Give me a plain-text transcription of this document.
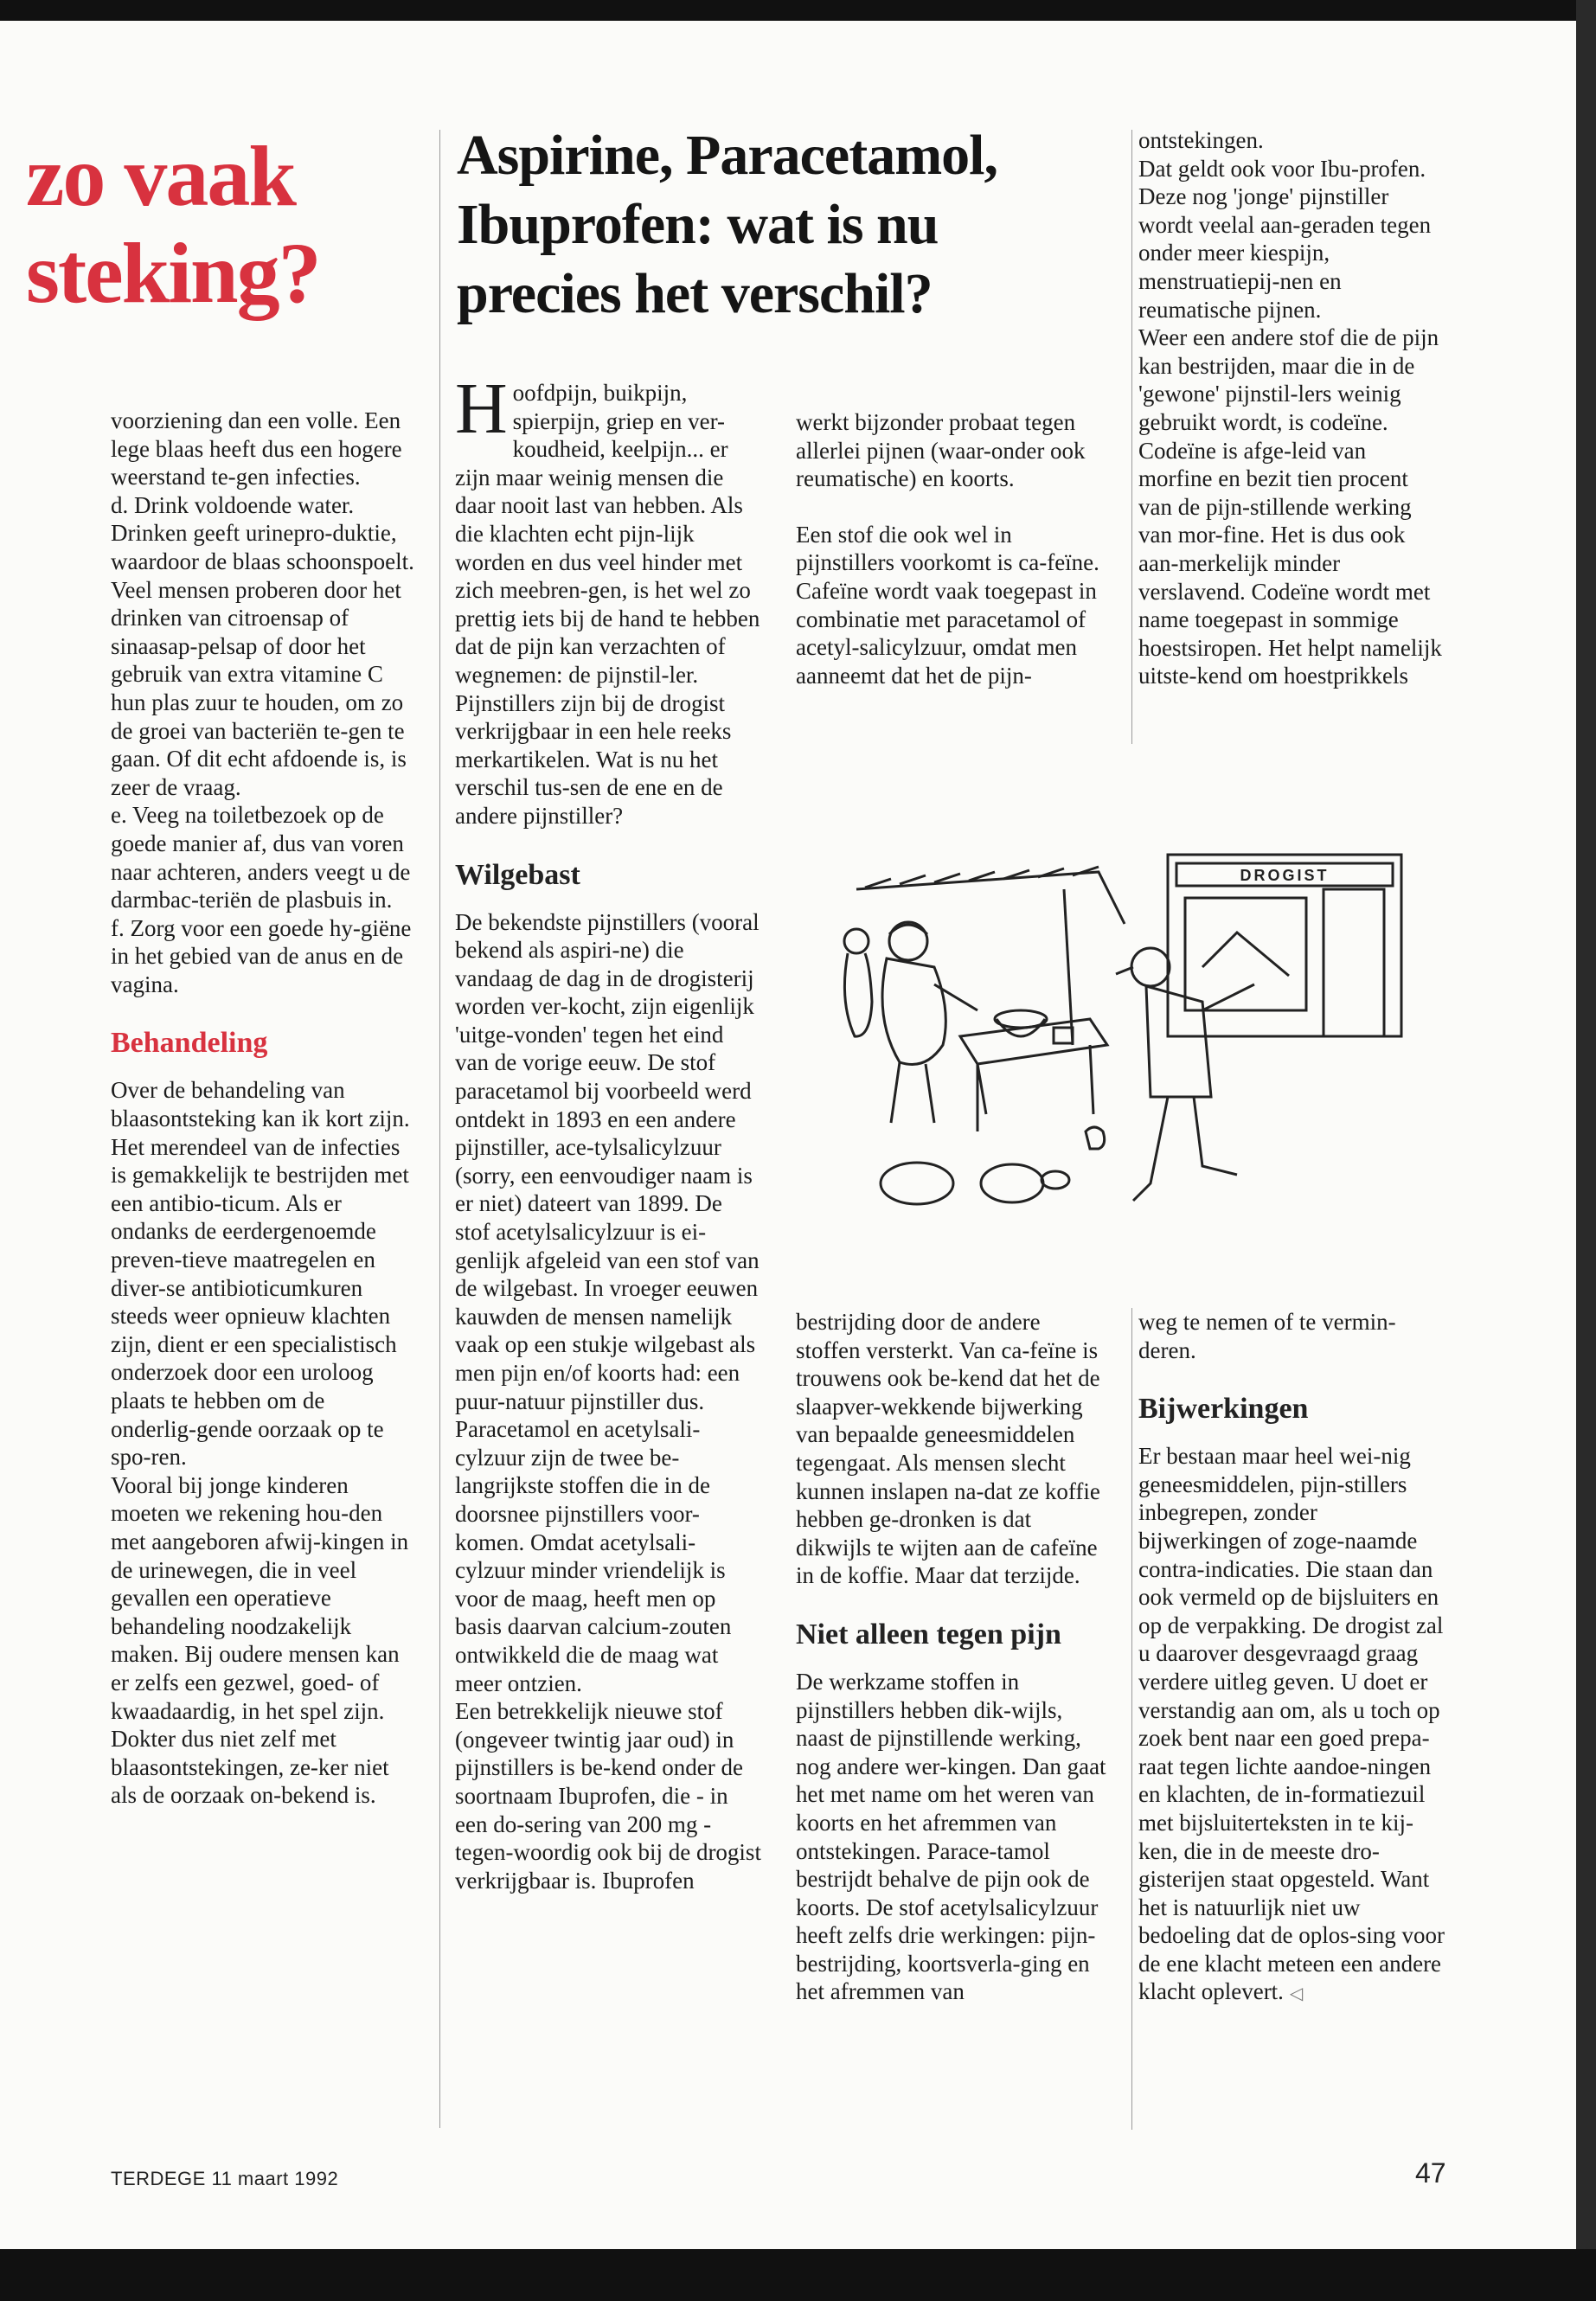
zo vaak
steking?
Aspirine, Paracetamol,
Ibuprofen: wat is nu
precies het verschil?

voorziening dan een volle. Een lege blaas heeft dus een hogere weerstand te-gen infecties.

d. Drink voldoende water. Drinken geeft urinepro-duktie, waardoor de blaas schoonspoelt. Veel mensen proberen door het drinken van citroensap of sinaasap-pelsap of door het gebruik van extra vitamine C hun plas zuur te houden, om zo de groei van bacteriën te-gen te gaan. Of dit echt afdoende is, is zeer de vraag.

e. Veeg na toiletbezoek op de goede manier af, dus van voren naar achteren, anders veegt u de darmbac-teriën de plasbuis in.

f. Zorg voor een goede hy-giëne in het gebied van de anus en de vagina.

Behandeling

Over de behandeling van blaasontsteking kan ik kort zijn. Het merendeel van de infecties is gemakkelijk te bestrijden met een antibio-ticum. Als er ondanks de eerdergenoemde preven-tieve maatregelen en diver-se antibioticumkuren steeds weer opnieuw klachten zijn, dient er een specialistisch onderzoek door een uroloog plaats te hebben om de onderlig-gende oorzaak op te spo-ren.

Vooral bij jonge kinderen moeten we rekening hou-den met aangeboren afwij-kingen in de urinewegen, die in veel gevallen een operatieve behandeling noodzakelijk maken. Bij oudere mensen kan er zelfs een gezwel, goed- of kwaadaardig, in het spel zijn. Dokter dus niet zelf met blaasontstekingen, ze-ker niet als de oorzaak on-bekend is.

Hoofdpijn, buikpijn, spierpijn, griep en ver-koudheid, keelpijn... er zijn maar weinig mensen die daar nooit last van hebben. Als die klachten echt pijn-lijk worden en dus veel hinder met zich meebren-gen, is het wel zo prettig iets bij de hand te hebben dat de pijn kan verzachten of wegnemen: de pijnstil-ler. Pijnstillers zijn bij de drogist verkrijgbaar in een hele reeks merkartikelen. Wat is nu het verschil tus-sen de ene en de andere pijnstiller?

Wilgebast

De bekendste pijnstillers (vooral bekend als aspiri-ne) die vandaag de dag in de drogisterij worden ver-kocht, zijn eigenlijk 'uitge-vonden' tegen het eind van de vorige eeuw. De stof paracetamol bij voorbeeld werd ontdekt in 1893 en een andere pijnstiller, ace-tylsalicylzuur (sorry, een eenvoudiger naam is er niet) dateert van 1899. De stof acetylsalicylzuur is ei-genlijk afgeleid van een stof van de wilgebast. In vroeger eeuwen kauwden de mensen namelijk vaak op een stukje wilgebast als men pijn en/of koorts had: een puur-natuur pijnstiller dus.

Paracetamol en acetylsali-cylzuur zijn de twee be-langrijkste stoffen die in de doorsnee pijnstillers voor-komen. Omdat acetylsali-cylzuur minder vriendelijk is voor de maag, heeft men op basis daarvan calcium-zouten ontwikkeld die de maag wat meer ontzien.

Een betrekkelijk nieuwe stof (ongeveer twintig jaar oud) in pijnstillers is be-kend onder de soortnaam Ibuprofen, die - in een do-sering van 200 mg - tegen-woordig ook bij de drogist verkrijgbaar is. Ibuprofen

werkt bijzonder probaat tegen allerlei pijnen (waar-onder ook reumatische) en koorts.

Een stof die ook wel in pijnstillers voorkomt is ca-feïne. Cafeïne wordt vaak toegepast in combinatie met paracetamol of acetyl-salicylzuur, omdat men aanneemt dat het de pijn-

ontstekingen.

Dat geldt ook voor Ibu-profen. Deze nog 'jonge' pijnstiller wordt veelal aan-geraden tegen onder meer kiespijn, menstruatiepij-nen en reumatische pijnen.

Weer een andere stof die de pijn kan bestrijden, maar die in de 'gewone' pijnstil-lers weinig gebruikt wordt, is codeïne. Codeïne is afge-leid van morfine en bezit tien procent van de pijn-stillende werking van mor-fine. Het is dus ook aan-merkelijk minder verslavend. Codeïne wordt met name toegepast in sommige hoestsiropen. Het helpt namelijk uitste-kend om hoestprikkels

DROGIST

bestrijding door de andere stoffen versterkt. Van ca-feïne is trouwens ook be-kend dat het de slaapver-wekkende bijwerking van bepaalde geneesmiddelen tegengaat. Als mensen slecht kunnen inslapen na-dat ze koffie hebben ge-dronken is dat dikwijls te wijten aan de cafeïne in de koffie. Maar dat terzijde.

Niet alleen tegen pijn

De werkzame stoffen in pijnstillers hebben dik-wijls, naast de pijnstillende werking, nog andere wer-kingen. Dan gaat het met name om het weren van koorts en het afremmen van ontstekingen. Parace-tamol bestrijdt behalve de pijn ook de koorts. De stof acetylsalicylzuur heeft zelfs drie werkingen: pijn-bestrijding, koortsverla-ging en het afremmen van

weg te nemen of te vermin-deren.

Bijwerkingen

Er bestaan maar heel wei-nig geneesmiddelen, pijn-stillers inbegrepen, zonder bijwerkingen of zoge-naamde contra-indicaties. Die staan dan ook vermeld op de bijsluiters en op de verpakking. De drogist zal u daarover desgevraagd graag verdere uitleg geven. U doet er verstandig aan om, als u toch op zoek bent naar een goed prepa-raat tegen lichte aandoe-ningen en klachten, de in-formatiezuil met bijsluiterteksten in te kij-ken, die in de meeste dro-gisterijen staat opgesteld. Want het is natuurlijk niet uw bedoeling dat de oplos-sing voor de ene klacht meteen een andere klacht oplevert. ◁

TERDEGE 11 maart 1992	47
